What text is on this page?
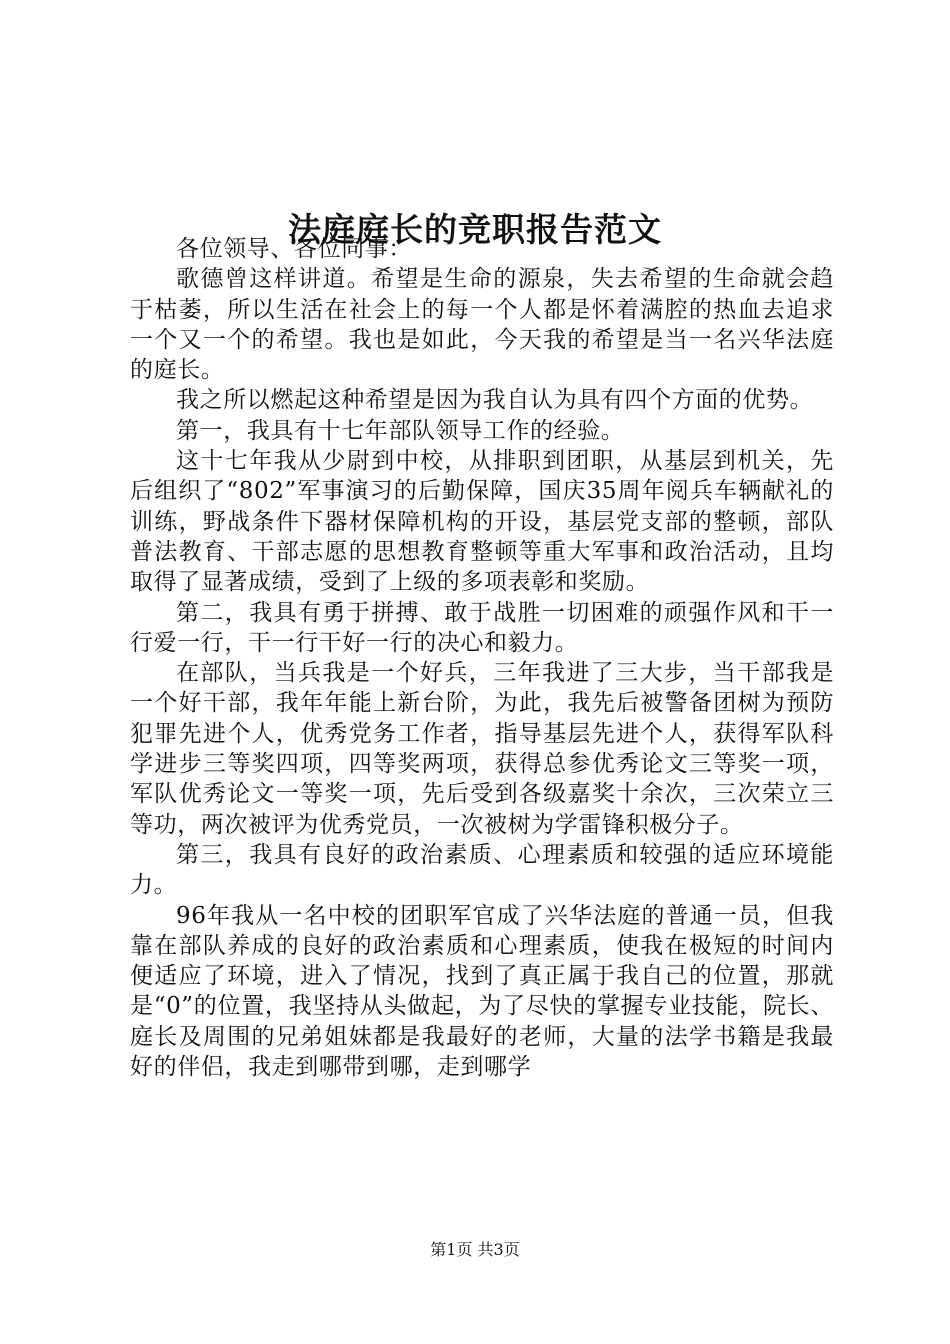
法庭庭长的竞职报告范文

各位领导、各位同事：

歌德曾这样讲道。希望是生命的源泉，失去希望的生命就会趋于枯萎，所以生活在社会上的每一个人都是怀着满腔的热血去追求一个又一个的希望。我也是如此，今天我的希望是当一名兴华法庭的庭长。

我之所以燃起这种希望是因为我自认为具有四个方面的优势。

第一，我具有十七年部队领导工作的经验。

这十七年我从少尉到中校，从排职到团职，从基层到机关，先后组织了“802”军事演习的后勤保障，国庆35周年阅兵车辆献礼的训练，野战条件下器材保障机构的开设，基层党支部的整顿，部队普法教育、干部志愿的思想教育整顿等重大军事和政治活动，且均取得了显著成绩，受到了上级的多项表彰和奖励。

第二，我具有勇于拼搏、敢于战胜一切困难的顽强作风和干一行爱一行，干一行干好一行的决心和毅力。

在部队，当兵我是一个好兵，三年我进了三大步，当干部我是一个好干部，我年年能上新台阶，为此，我先后被警备团树为预防犯罪先进个人，优秀党务工作者，指导基层先进个人，获得军队科学进步三等奖四项，四等奖两项，获得总参优秀论文三等奖一项，军队优秀论文一等奖一项，先后受到各级嘉奖十余次，三次荣立三等功，两次被评为优秀党员，一次被树为学雷锋积极分子。

第三，我具有良好的政治素质、心理素质和较强的适应环境能力。

96年我从一名中校的团职军官成了兴华法庭的普通一员，但我靠在部队养成的良好的政治素质和心理素质，使我在极短的时间内便适应了环境，进入了情况，找到了真正属于我自己的位置，那就是“0”的位置，我坚持从头做起，为了尽快的掌握专业技能，院长、庭长及周围的兄弟姐妹都是我最好的老师，大量的法学书籍是我最好的伴侣，我走到哪带到哪，走到哪学

第1页 共3页
